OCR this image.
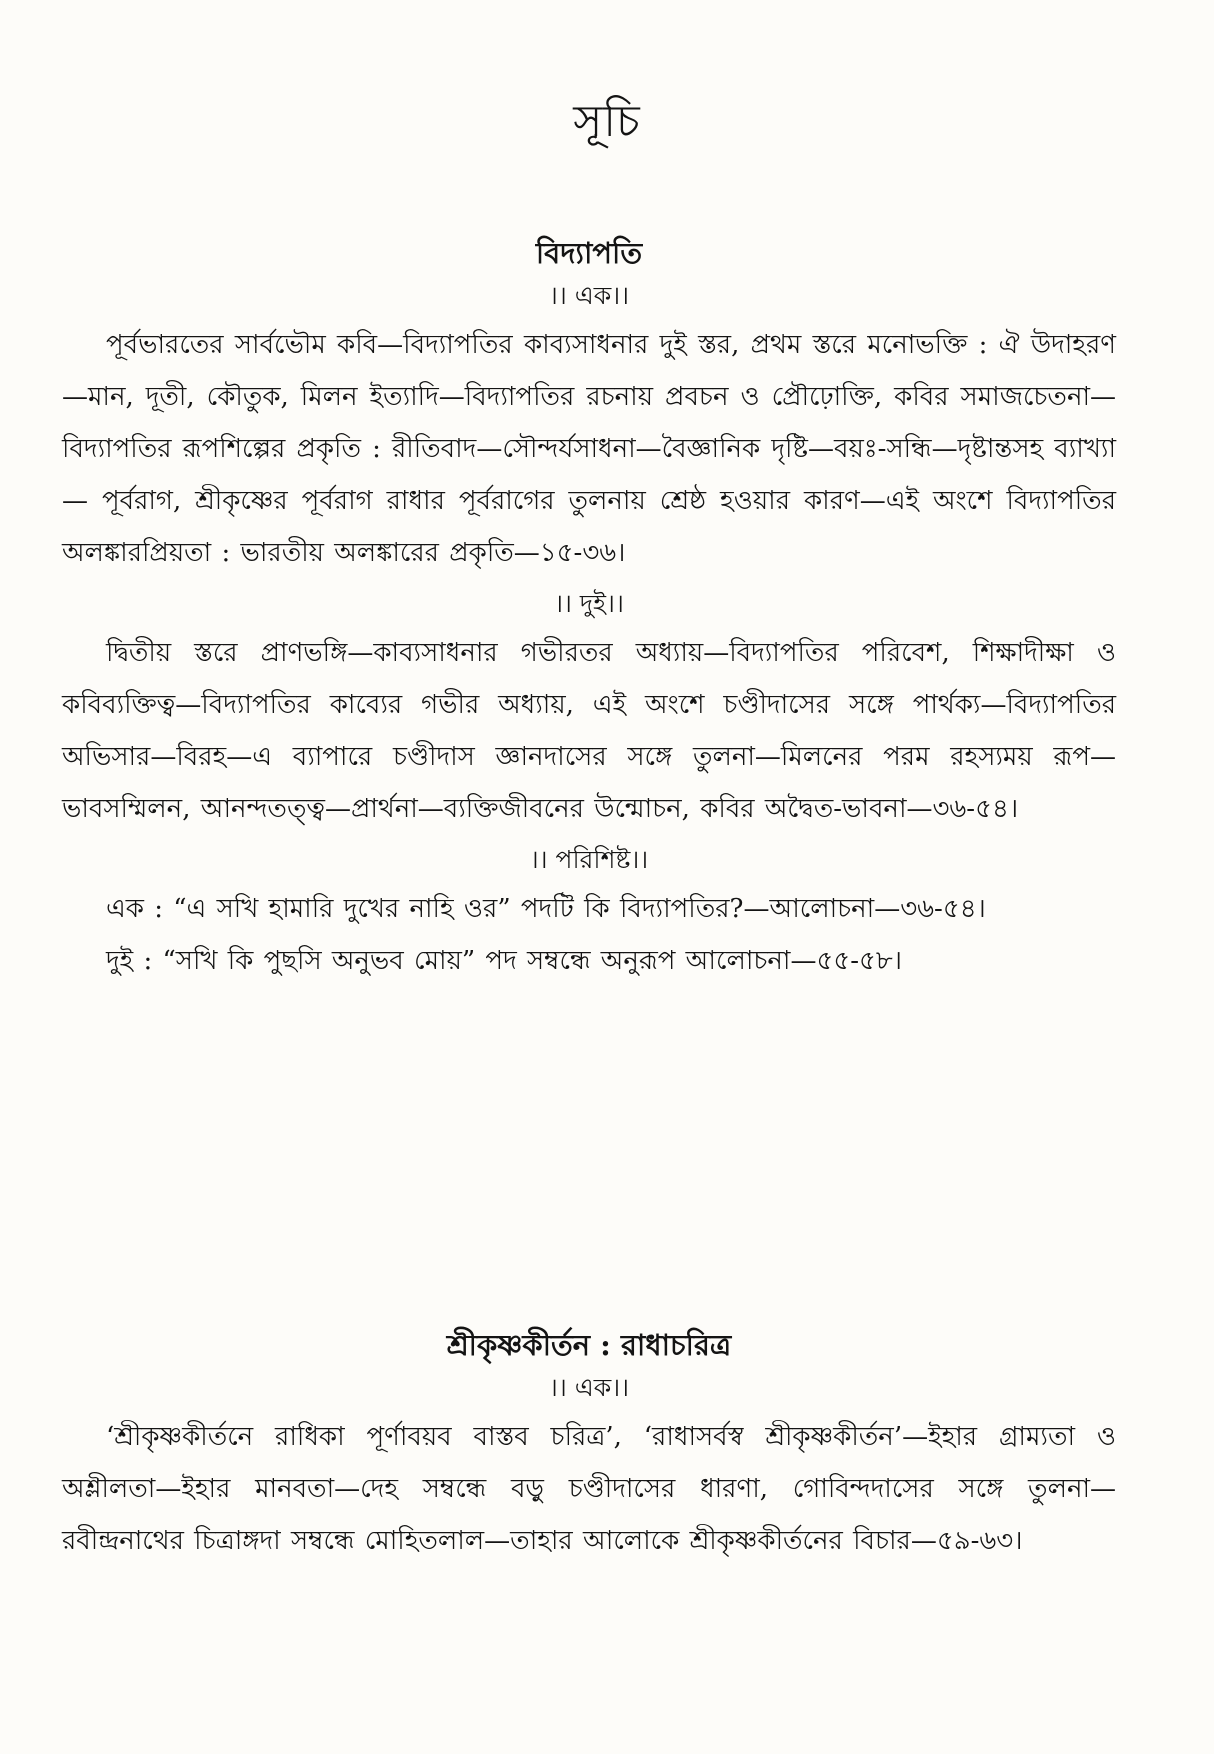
সূচি
বিদ্যাপতি
।। এক।।

পূর্বভারতের সার্বভৌম কবি—বিদ্যাপতির কাব্যসাধনার দুই স্তর, প্রথম স্তরে মনোভক্তি : ঐ উদাহরণ—মান, দূতী, কৌতুক, মিলন ইত্যাদি—বিদ্যাপতির রচনায় প্রবচন ও প্রৌঢ়োক্তি, কবির সমাজচেতনা—বিদ্যাপতির রূপশিল্পের প্রকৃতি : রীতিবাদ—সৌন্দর্যসাধনা—বৈজ্ঞানিক দৃষ্টি—বয়ঃ-সন্ধি—দৃষ্টান্তসহ ব্যাখ্যা— পূর্বরাগ, শ্রীকৃষ্ণের পূর্বরাগ রাধার পূর্বরাগের তুলনায় শ্রেষ্ঠ হওয়ার কারণ—এই অংশে বিদ্যাপতির অলঙ্কারপ্রিয়তা : ভারতীয় অলঙ্কারের প্রকৃতি—১৫-৩৬।

।। দুই।।

দ্বিতীয় স্তরে প্রাণভঙ্গি—কাব্যসাধনার গভীরতর অধ্যায়—বিদ্যাপতির পরিবেশ, শিক্ষাদীক্ষা ও কবিব্যক্তিত্ব—বিদ্যাপতির কাব্যের গভীর অধ্যায়, এই অংশে চণ্ডীদাসের সঙ্গে পার্থক্য—বিদ্যাপতির অভিসার—বিরহ—এ ব্যাপারে চণ্ডীদাস জ্ঞানদাসের সঙ্গে তুলনা—মিলনের পরম রহস্যময় রূপ—ভাবসম্মিলন, আনন্দতত্ত্ব—প্রার্থনা—ব্যক্তিজীবনের উন্মোচন, কবির অদ্বৈত-ভাবনা—৩৬-৫৪।

।। পরিশিষ্ট।।

এক : “এ সখি হামারি দুখের নাহি ওর” পদটি কি বিদ্যাপতির?—আলোচনা—৩৬-৫৪।

দুই : “সখি কি পুছসি অনুভব মোয়” পদ সম্বন্ধে অনুরূপ আলোচনা—৫৫-৫৮।

শ্রীকৃষ্ণকীর্তন : রাধাচরিত্র
।। এক।।

‘শ্রীকৃষ্ণকীর্তনে রাধিকা পূর্ণাবয়ব বাস্তব চরিত্র’, ‘রাধাসর্বস্ব শ্রীকৃষ্ণকীর্তন’—ইহার গ্রাম্যতা ও অশ্লীলতা—ইহার মানবতা—দেহ সম্বন্ধে বড়ু চণ্ডীদাসের ধারণা, গোবিন্দদাসের সঙ্গে তুলনা—রবীন্দ্রনাথের চিত্রাঙ্গদা সম্বন্ধে মোহিতলাল—তাহার আলোকে শ্রীকৃষ্ণকীর্তনের বিচার—৫৯-৬৩।
